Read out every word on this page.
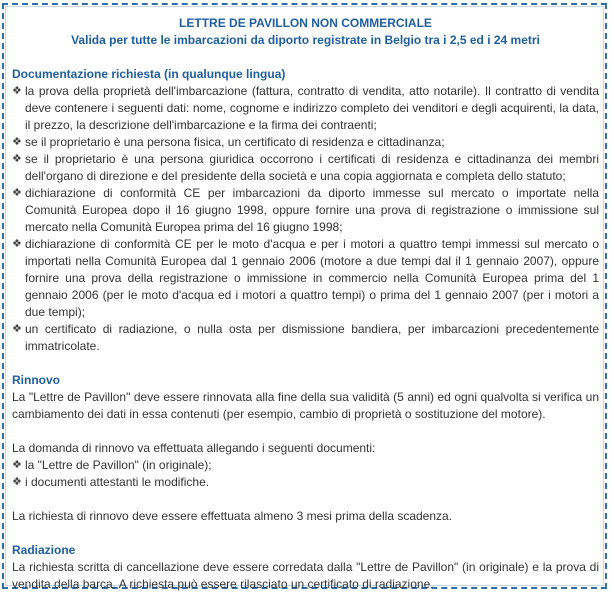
LETTRE DE PAVILLON NON COMMERCIALE
Valida per tutte le imbarcazioni da diporto registrate in Belgio tra i 2,5 ed i 24 metri
Documentazione richiesta (in qualunque lingua)
❖ la prova della proprietà dell'imbarcazione (fattura, contratto di vendita, atto notarile). Il contratto di vendita deve contenere i seguenti dati: nome, cognome e indirizzo completo dei venditori e degli acquirenti, la data, il prezzo, la descrizione dell'imbarcazione e la firma dei contraenti;
❖ se il proprietario è una persona fisica, un certificato di residenza e cittadinanza;
❖ se il proprietario è una persona giuridica occorrono i certificati di residenza e cittadinanza dei membri dell'organo di direzione e del presidente della società e una copia aggiornata e completa dello statuto;
❖ dichiarazione di conformità CE per imbarcazioni da diporto immesse sul mercato o importate nella Comunità Europea dopo il 16 giugno 1998, oppure fornire una prova di registrazione o immissione sul mercato nella Comunità Europea prima del 16 giugno 1998;
❖ dichiarazione di conformità CE per le moto d'acqua e per i motori a quattro tempi immessi sul mercato o importati nella Comunità Europea dal 1 gennaio 2006 (motore a due tempi dal il 1 gennaio 2007), oppure fornire una prova della registrazione o immissione in commercio nella Comunità Europea prima del 1 gennaio 2006 (per le moto d'acqua ed i motori a quattro tempi) o prima del 1 gennaio 2007 (per i motori a due tempi);
❖ un certificato di radiazione, o nulla osta per dismissione bandiera, per imbarcazioni precedentemente immatricolate.
Rinnovo

La "Lettre de Pavillon" deve essere rinnovata alla fine della sua validità (5 anni) ed ogni qualvolta si verifica un cambiamento dei dati in essa contenuti (per esempio, cambio di proprietà o sostituzione del motore).

La domanda di rinnovo va effettuata allegando i seguenti documenti:

❖ la "Lettre de Pavillon" (in originale);
❖ i documenti attestanti le modifiche.

La richiesta di rinnovo deve essere effettuata almeno 3 mesi prima della scadenza.

Radiazione

La richiesta scritta di cancellazione deve essere corredata dalla "Lettre de Pavillon" (in originale) e la prova di vendita della barca. A richiesta può essere rilasciato un certificato di radiazione.
